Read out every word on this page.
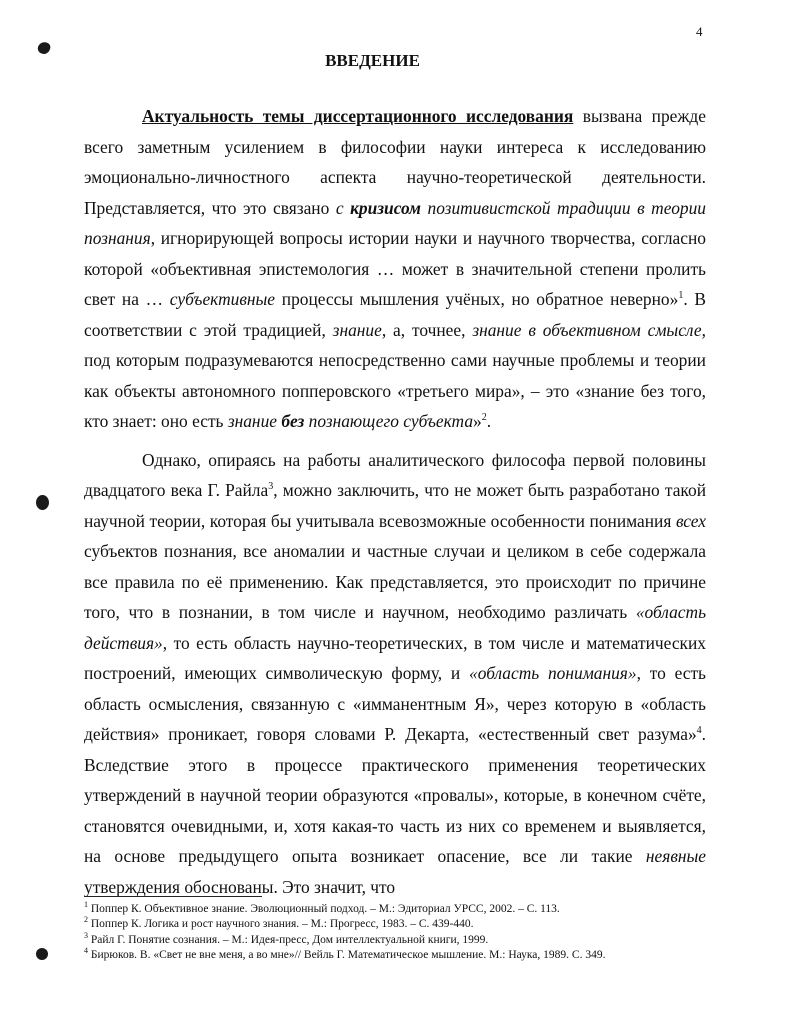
4
ВВЕДЕНИЕ

Актуальность темы диссертационного исследования вызвана прежде всего заметным усилением в философии науки интереса к исследованию эмоционально-личностного аспекта научно-теоретической деятельности. Представляется, что это связано с кризисом позитивистской традиции в теории познания, игнорирующей вопросы истории науки и научного творчества, согласно которой «объективная эпистемология … может в значительной степени пролить свет на … субъективные процессы мышления учёных, но обратное неверно»$^1$. В соответствии с этой традицией, знание, а, точнее, знание в объективном смысле, под которым подразумеваются непосредственно сами научные проблемы и теории как объекты автономного попперовского «третьего мира», – это «знание без того, кто знает: оно есть знание без познающего субъекта»$^2$.

Однако, опираясь на работы аналитического философа первой половины двадцатого века Г. Райла$^3$, можно заключить, что не может быть разработано такой научной теории, которая бы учитывала всевозможные особенности понимания всех субъектов познания, все аномалии и частные случаи и целиком в себе содержала все правила по её применению. Как представляется, это происходит по причине того, что в познании, в том числе и научном, необходимо различать «область действия», то есть область научно-теоретических, в том числе и математических построений, имеющих символическую форму, и «область понимания», то есть область осмысления, связанную с «имманентным Я», через которую в «область действия» проникает, говоря словами Р. Декарта, «естественный свет разума»$^4$. Вследствие этого в процессе практического применения теоретических утверждений в научной теории образуются «провалы», которые, в конечном счёте, становятся очевидными, и, хотя какая-то часть из них со временем и выявляется, на основе предыдущего опыта возникает опасение, все ли такие неявные утверждения обоснованы. Это значит, что

$^1$ Поппер К. Объективное знание. Эволюционный подход. – М.: Эдиториал УРСС, 2002. – С. 113.
$^2$ Поппер К. Логика и рост научного знания. – М.: Прогресс, 1983. – С. 439-440.
$^3$ Райл Г. Понятие сознания. – М.: Идея-пресс, Дом интеллектуальной книги, 1999.
$^4$ Бирюков. В. «Свет не вне меня, а во мне»// Вейль Г. Математическое мышление. М.: Наука, 1989. С. 349.
